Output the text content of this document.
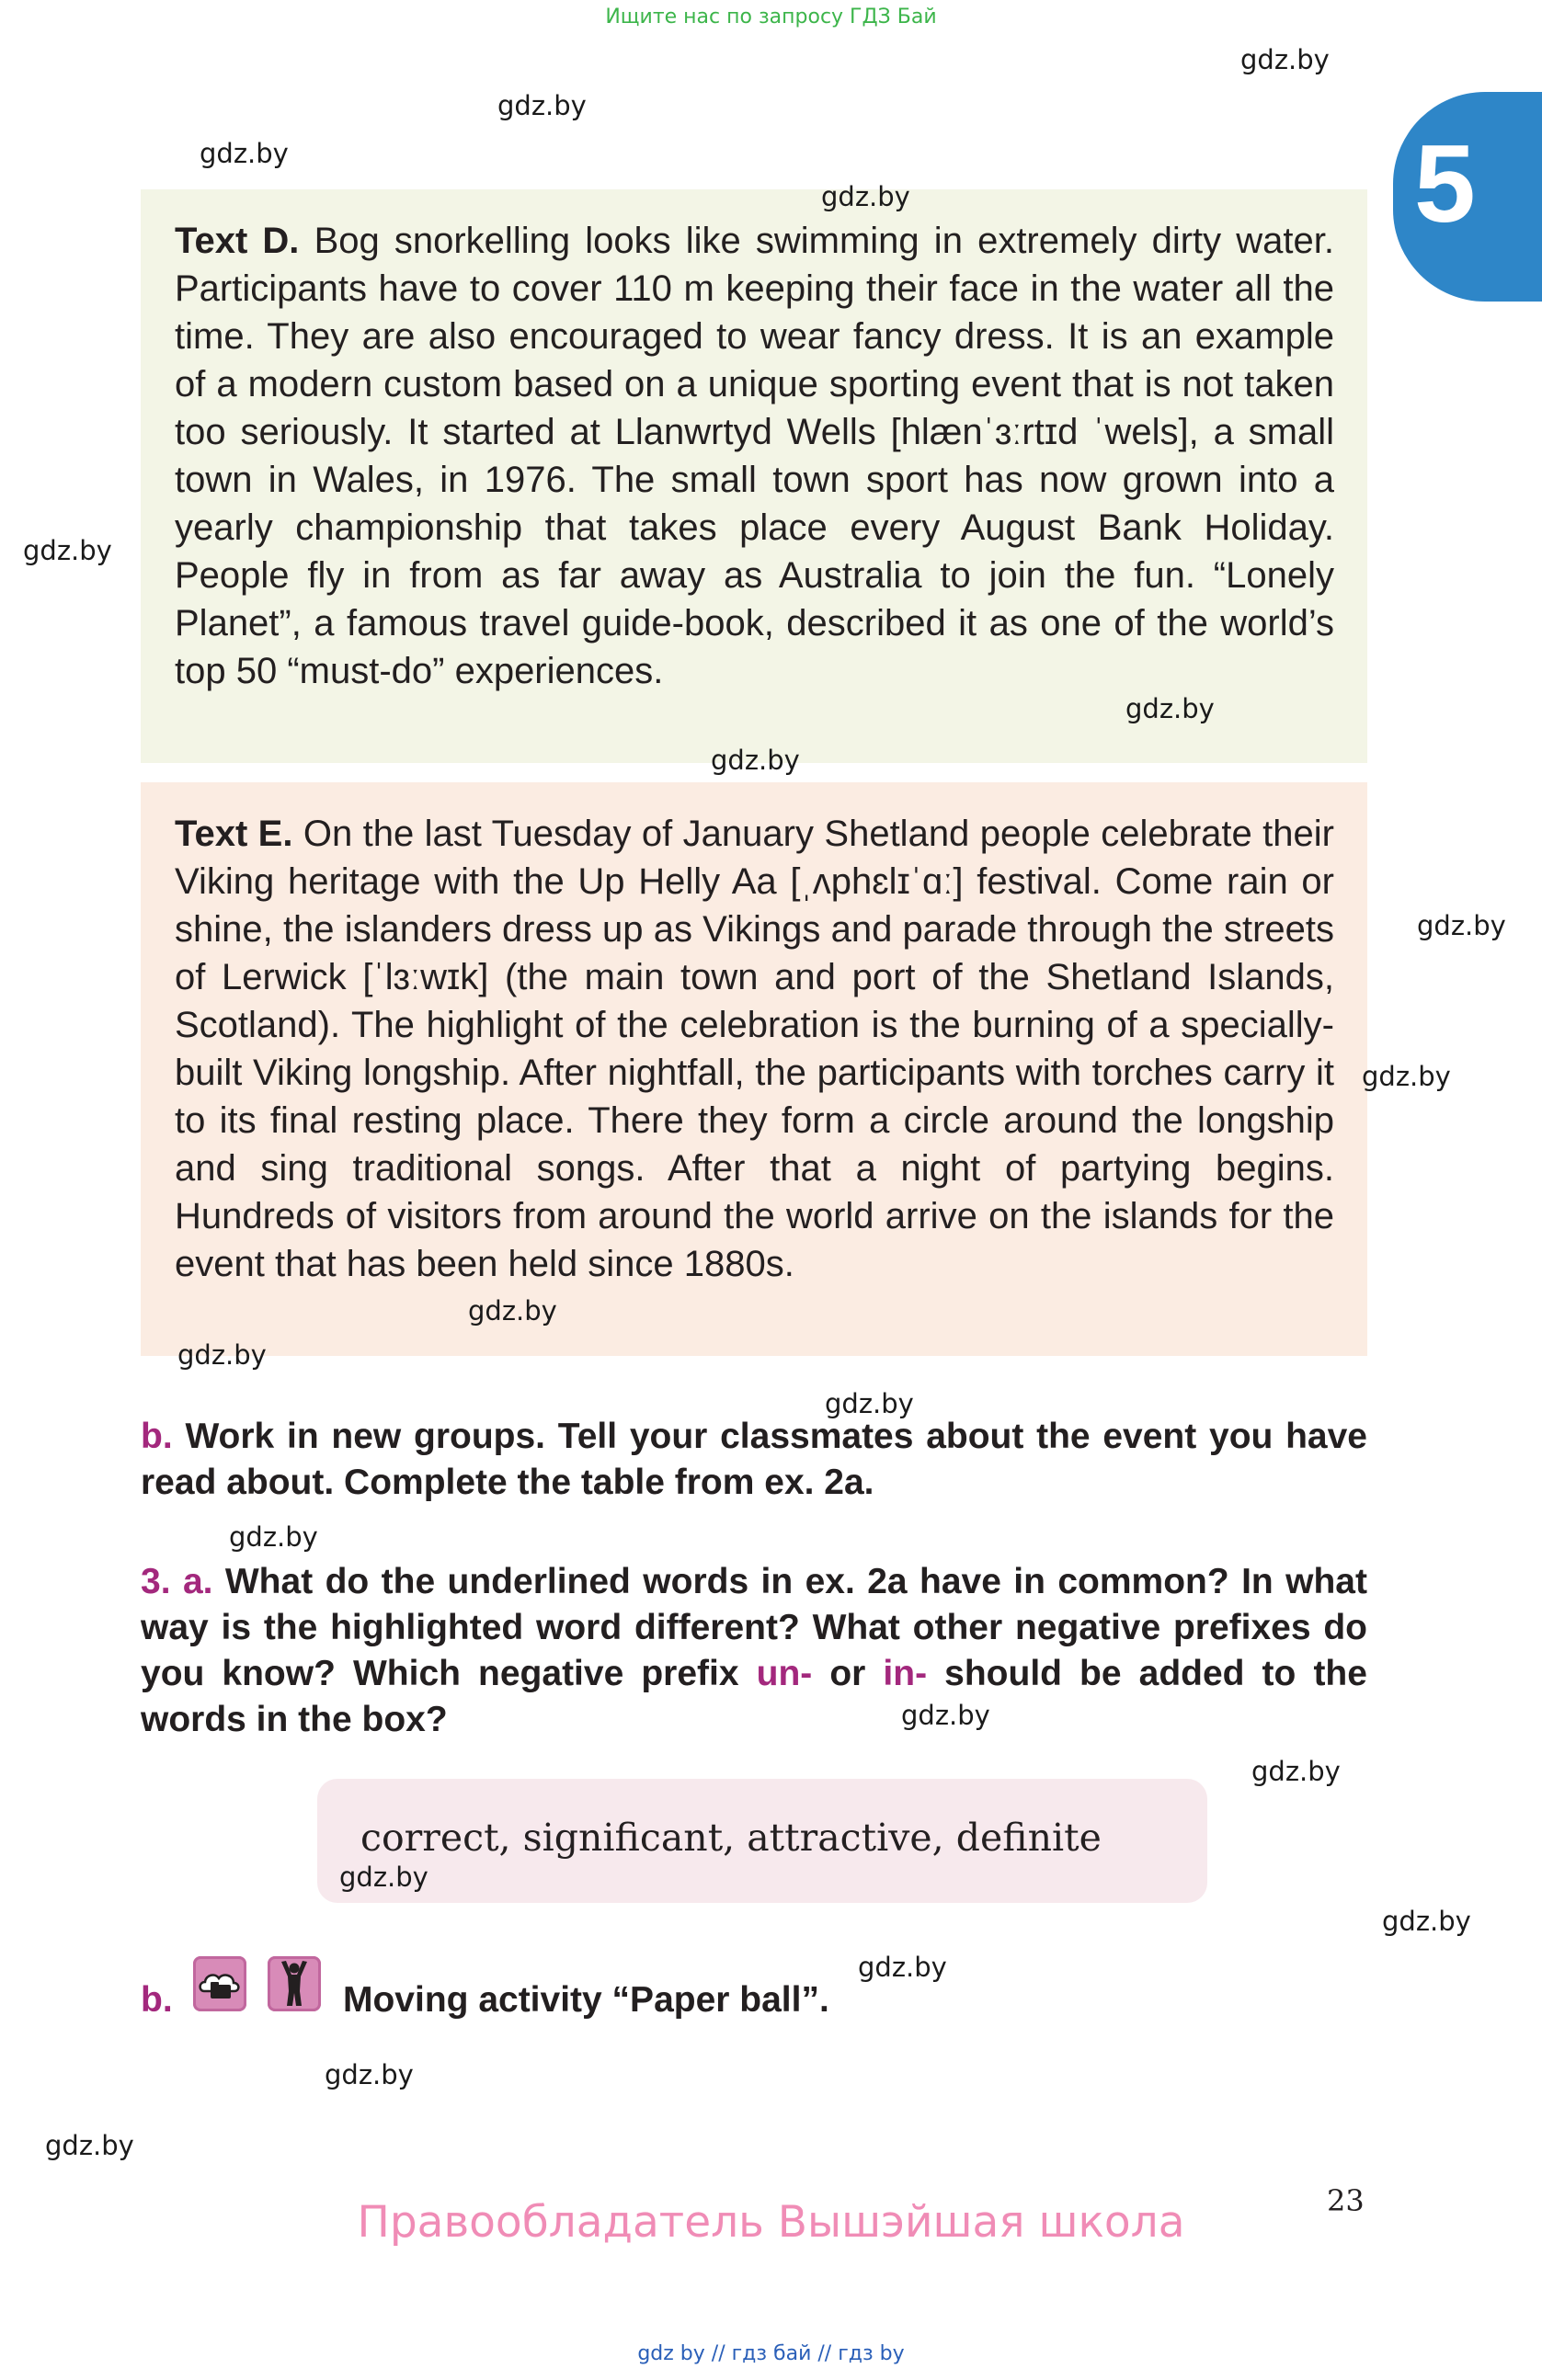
Ищите нас по запросу ГДЗ Бай
5
Text D. Bog snorkelling looks like swimming in extremely dirty water. Participants have to cover 110 m keeping their face in the water all the time. They are also encouraged to wear fancy dress. It is an example of a modern custom based on a unique sporting event that is not taken too seriously. It started at Llanwrtyd Wells [hlænˈɜːrtɪd ˈwels], a small town in Wales, in 1976. The small town sport has now grown into a yearly championship that takes place every August Bank Holiday. People fly in from as far away as Australia to join the fun. “Lonely Planet”, a famous travel guide-book, described it as one of the world’s top 50 “must-do” experiences.
Text E. On the last Tuesday of January Shetland people celebrate their Viking heritage with the Up Helly Aa [ˌʌphɛlɪˈɑː] festival. Come rain or shine, the islanders dress up as Vikings and parade through the streets of Lerwick [ˈlɜːwɪk] (the main town and port of the Shetland Islands, Scotland). The highlight of the celebration is the burning of a specially-built Viking longship. After nightfall, the participants with torches carry it to its final resting place. There they form a circle around the longship and sing traditional songs. After that a night of partying begins. Hundreds of visitors from around the world arrive on the islands for the event that has been held since 1880s.
b. Work in new groups. Tell your classmates about the event you have read about. Complete the table from ex. 2a.
3. a. What do the underlined words in ex. 2a have in common? In what way is the highlighted word different? What other negative prefixes do you know? Which negative prefix un- or in- should be added to the words in the box?
correct, significant, attractive, definite
b.	Moving activity “Paper ball”.
gdz.by
gdz.by
gdz.by
gdz.by
gdz.by
gdz.by
gdz.by
gdz.by
gdz.by
gdz.by
gdz.by
gdz.by
gdz.by
gdz.by
gdz.by
gdz.by
gdz.by
gdz.by
gdz.by
gdz.by
23
Правообладатель Вышэйшая школа
gdz by // гдз бай // гдз by
